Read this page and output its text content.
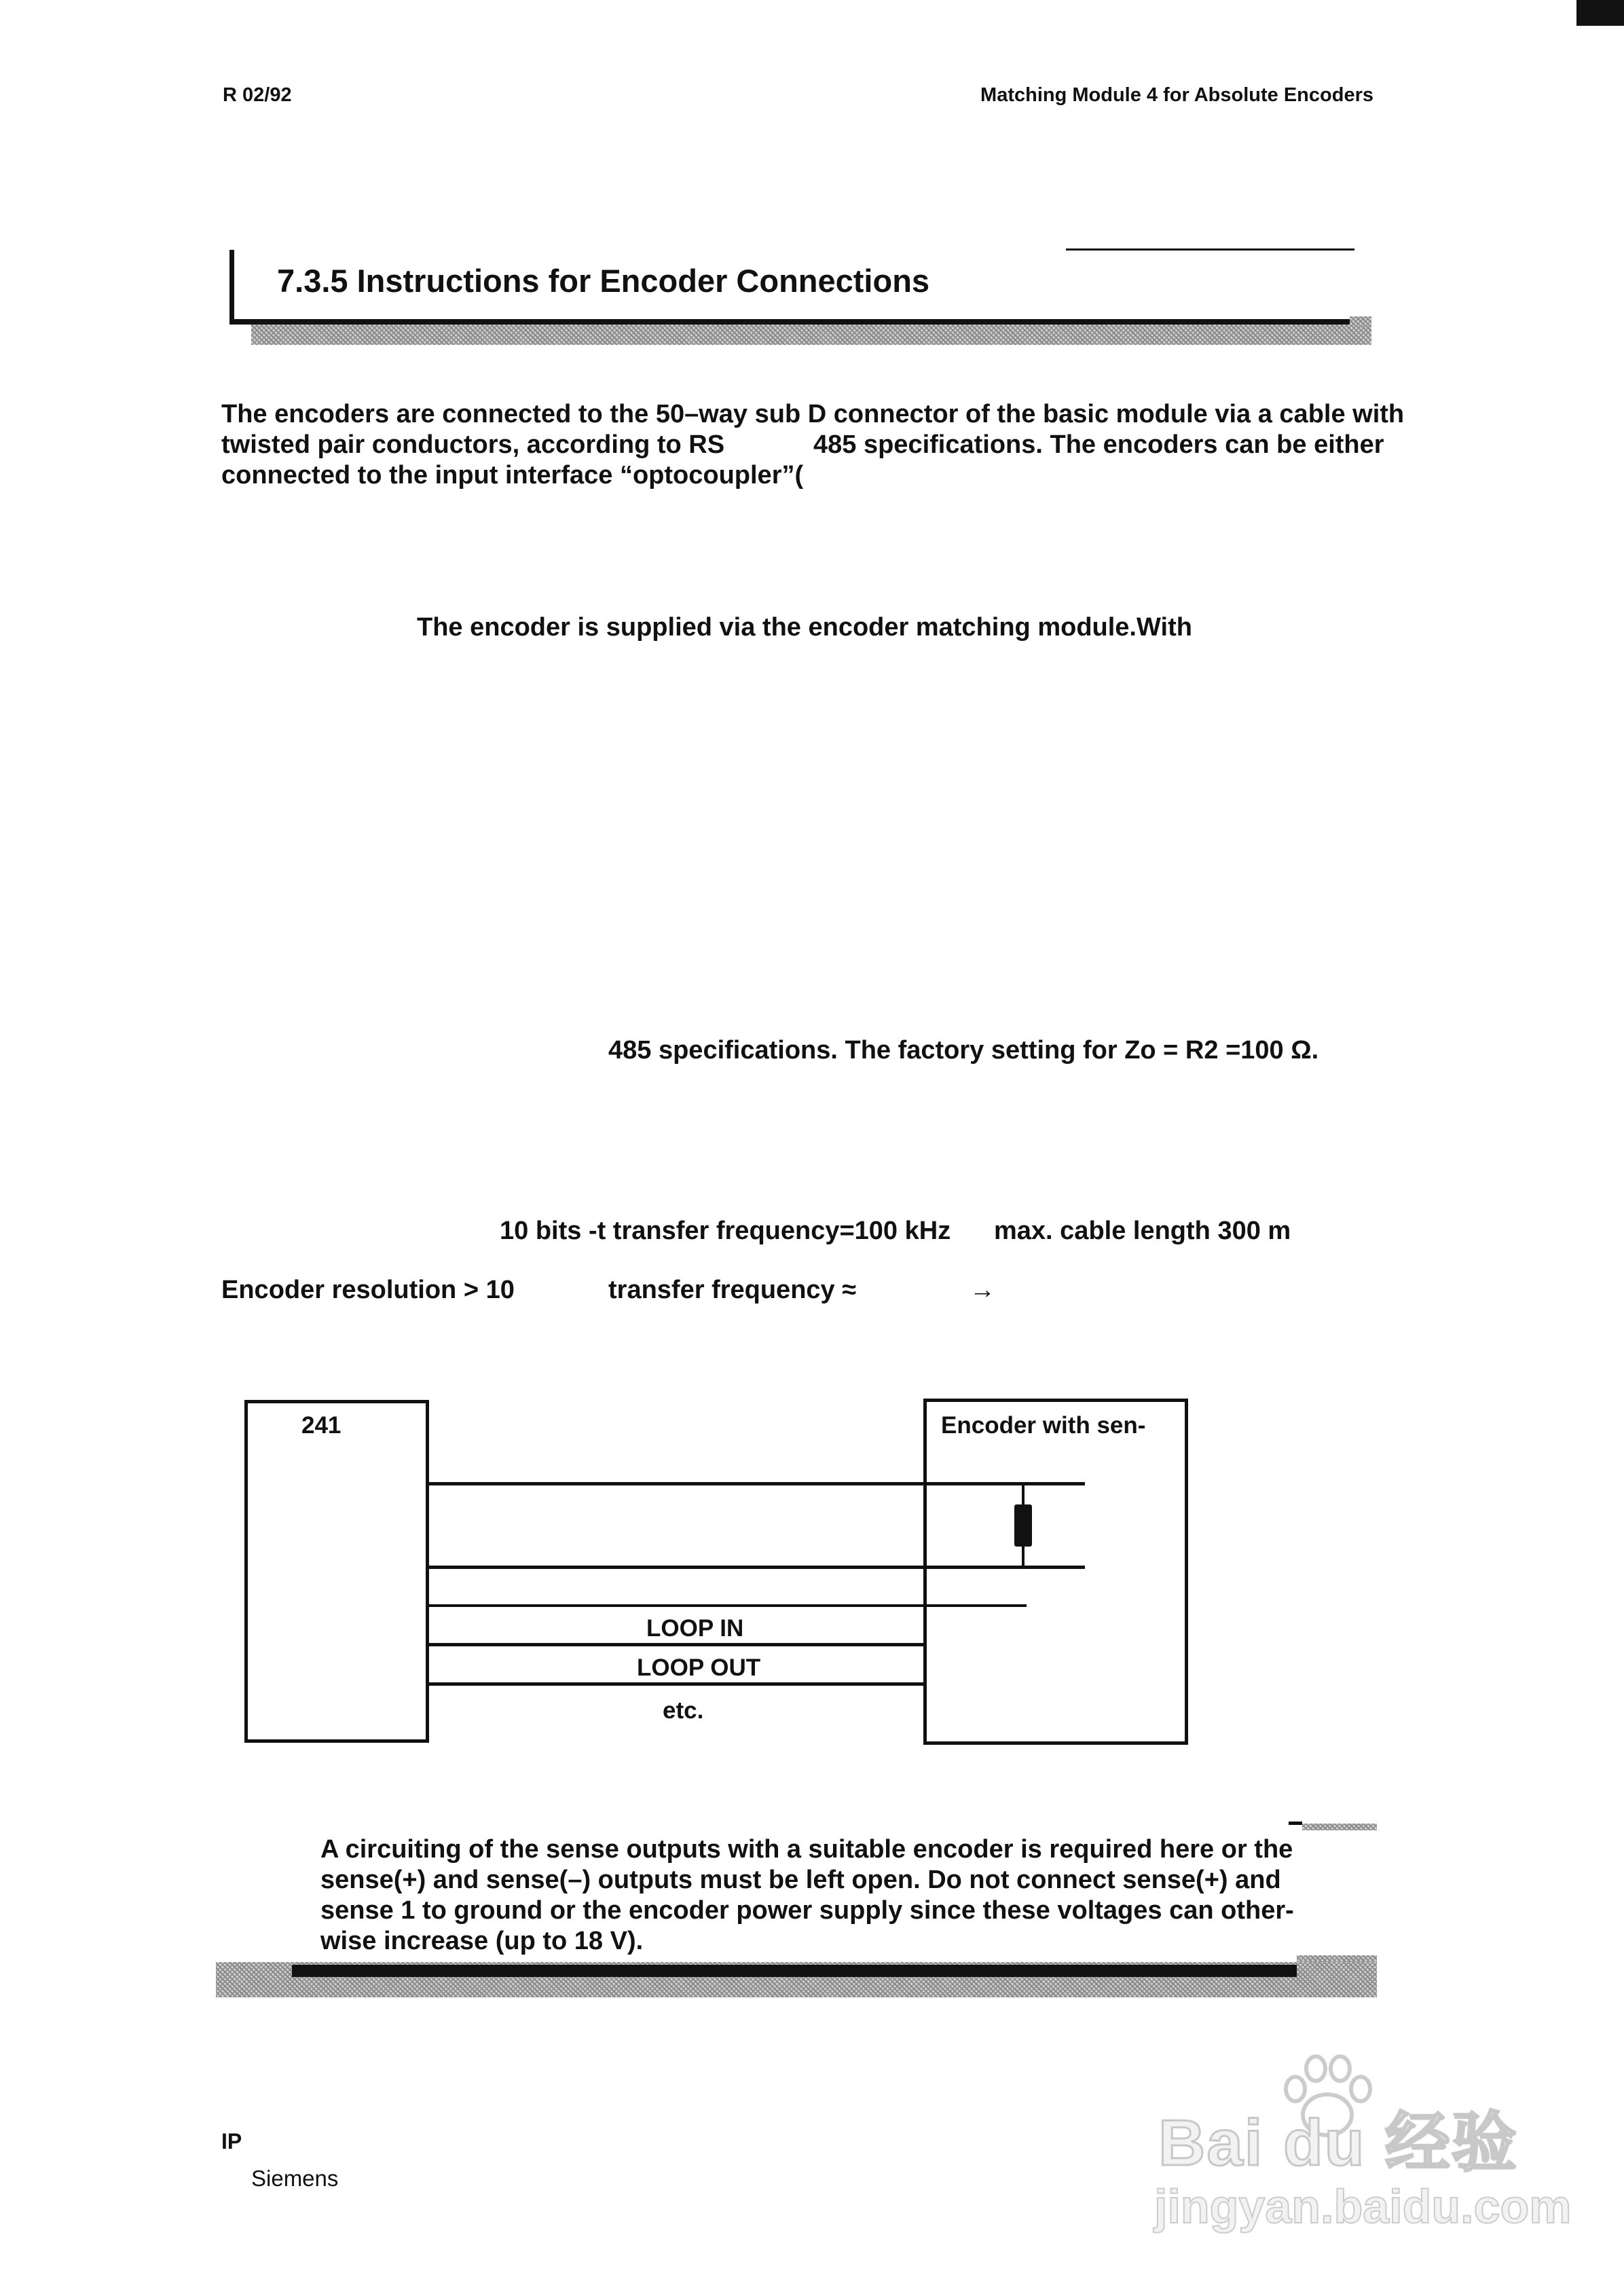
R 02/92	Matching Module 4 for Absolute Encoders
7.3.5 Instructions for Encoder Connections
The encoders are connected to the 50–way sub D connector of the basic module via a cable with
twisted pair conductors, according to RS	485 specifications. The encoders can be either
connected to the input interface “optocoupler”(
The encoder is supplied via the encoder matching module.With
485 specifications. The factory setting for Zo = R2 =100 Ω.
10 bits -t transfer frequency=100 kHz max. cable length 300 m
Encoder resolution > 10	transfer frequency ≈	→
241	Encoder with sen-
LOOP IN
LOOP OUT
etc.
A circuiting of the sense outputs with a suitable encoder is required here or the
sense(+) and sense(–) outputs must be left open. Do not connect sense(+) and
sense 1 to ground or the encoder power supply since these voltages can other-
wise increase (up to 18 V).
IP
Siemens	Bai du 经验
jingyan.baidu.com
